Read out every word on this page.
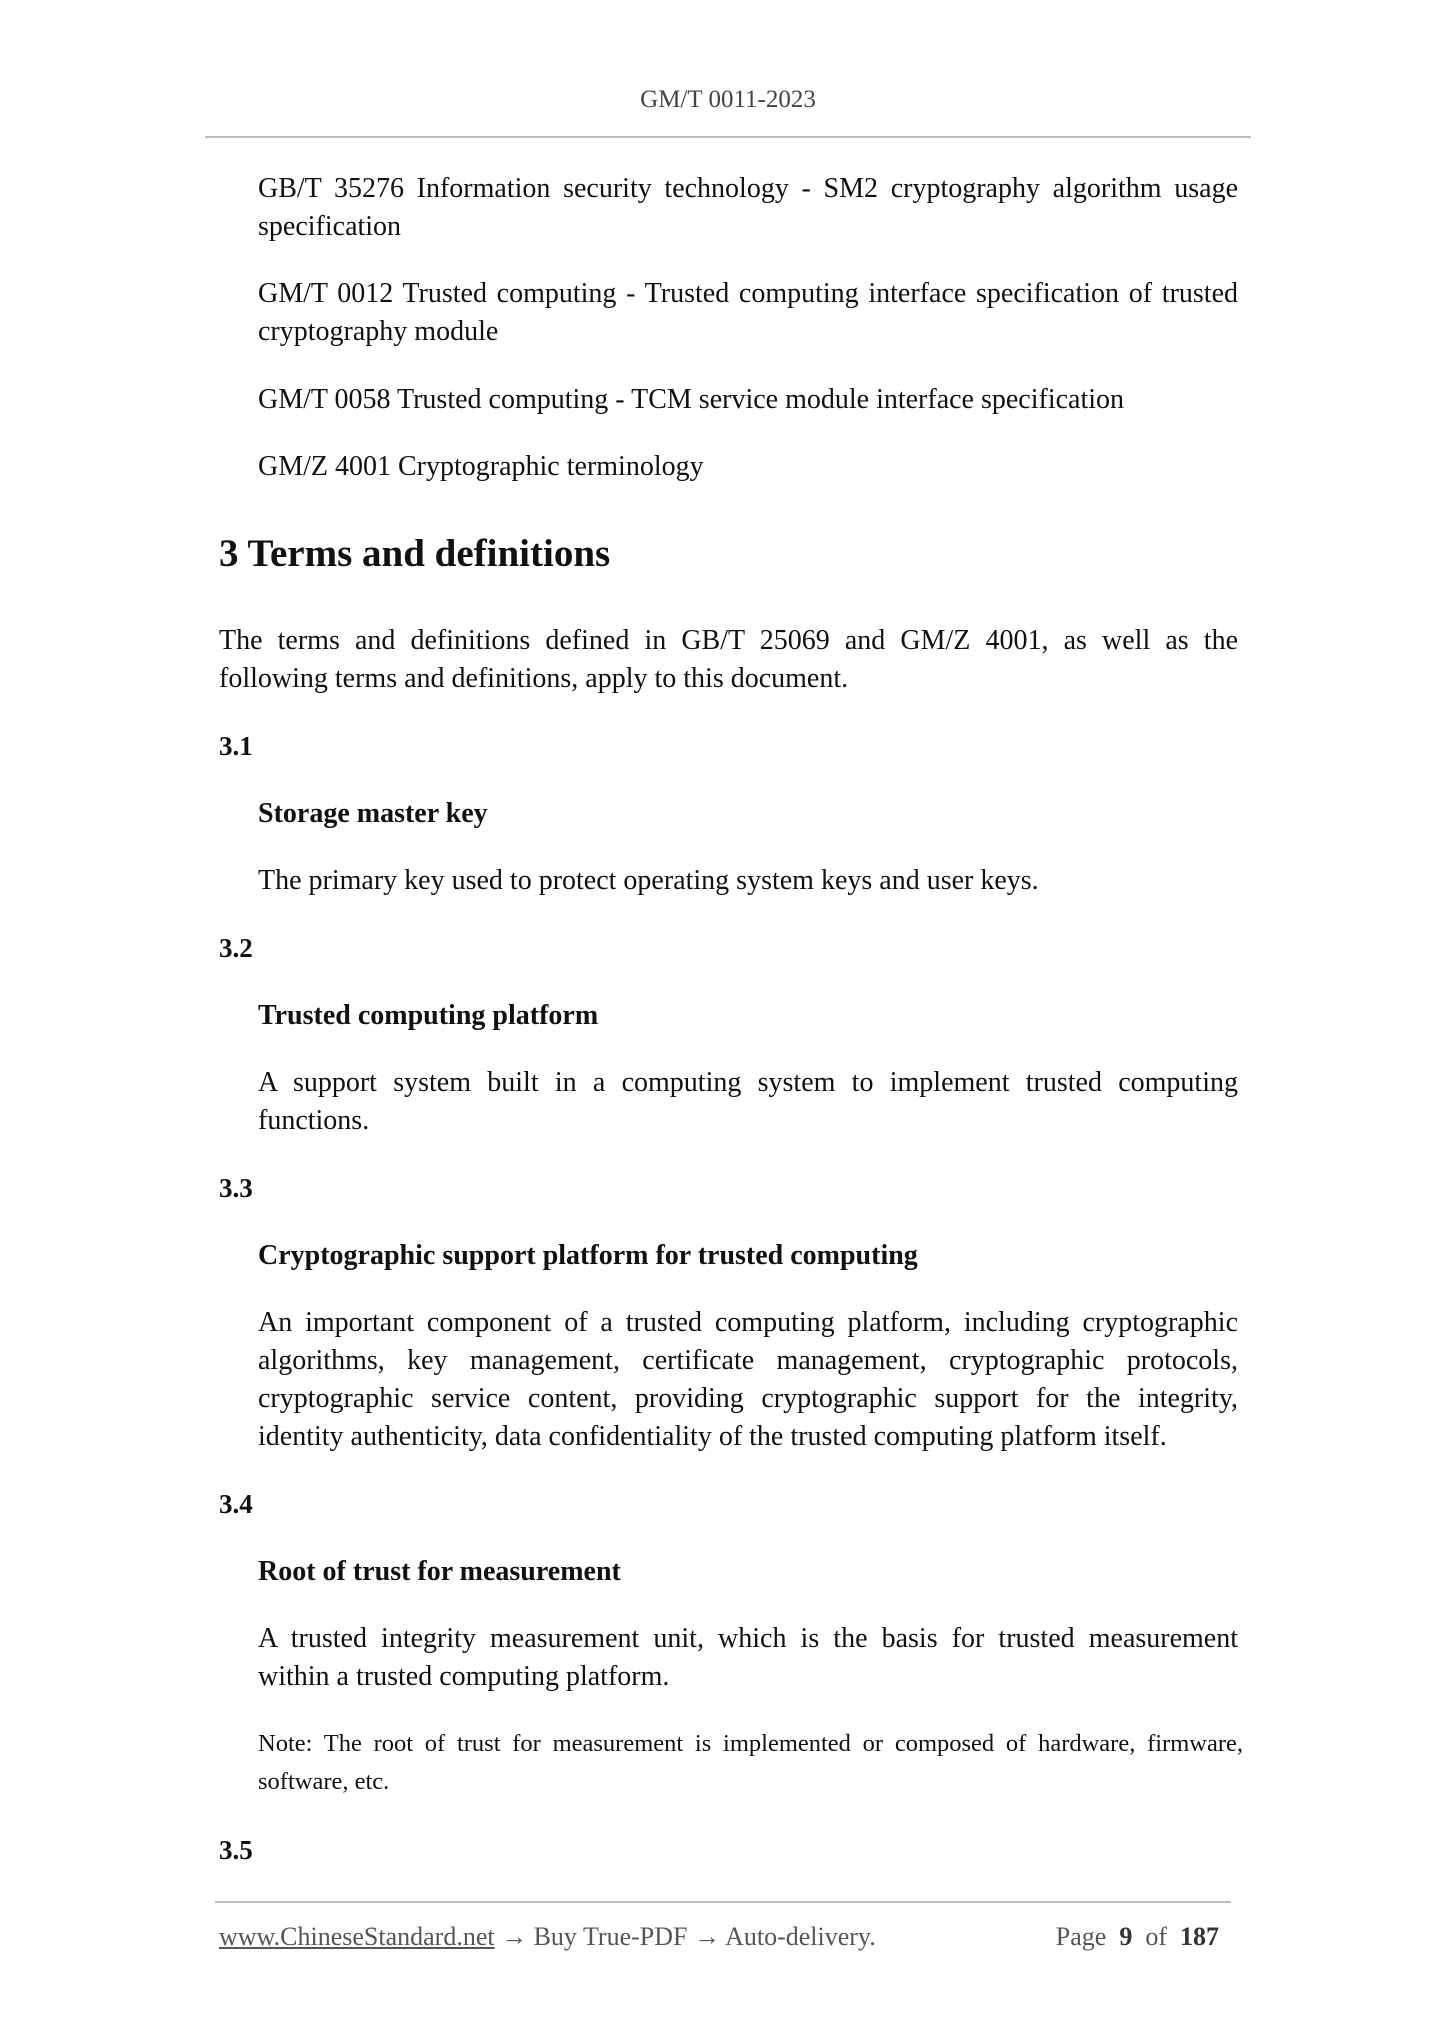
GM/T 0011-2023
GB/T 35276 Information security technology - SM2 cryptography algorithm usage specification
GM/T 0012 Trusted computing - Trusted computing interface specification of trusted cryptography module
GM/T 0058 Trusted computing - TCM service module interface specification
GM/Z 4001 Cryptographic terminology
3 Terms and definitions
The terms and definitions defined in GB/T 25069 and GM/Z 4001, as well as the following terms and definitions, apply to this document.
3.1
Storage master key
The primary key used to protect operating system keys and user keys.
3.2
Trusted computing platform
A support system built in a computing system to implement trusted computing functions.
3.3
Cryptographic support platform for trusted computing
An important component of a trusted computing platform, including cryptographic algorithms, key management, certificate management, cryptographic protocols, cryptographic service content, providing cryptographic support for the integrity, identity authenticity, data confidentiality of the trusted computing platform itself.
3.4
Root of trust for measurement
A trusted integrity measurement unit, which is the basis for trusted measurement within a trusted computing platform.
Note: The root of trust for measurement is implemented or composed of hardware, firmware, software, etc.
3.5
www.ChineseStandard.net → Buy True-PDF → Auto-delivery.	Page 9 of 187
